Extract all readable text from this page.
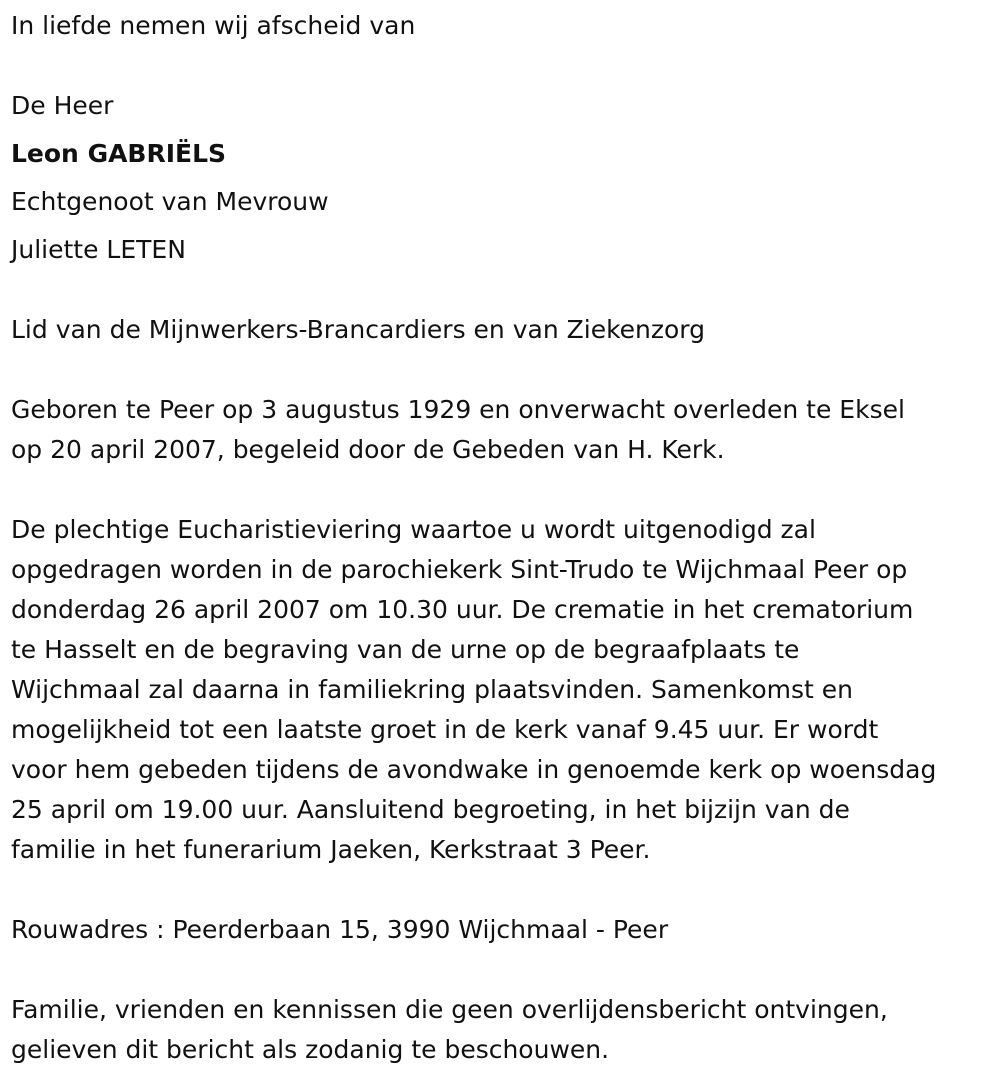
In liefde nemen wij afscheid van

De Heer

Leon GABRIËLS

Echtgenoot van Mevrouw

Juliette LETEN

Lid van de Mijnwerkers-Brancardiers en van Ziekenzorg

Geboren te Peer op 3 augustus 1929 en onverwacht overleden te Eksel

op 20 april 2007, begeleid door de Gebeden van H. Kerk.

De plechtige Eucharistieviering waartoe u wordt uitgenodigd zal

opgedragen worden in de parochiekerk Sint-Trudo te Wijchmaal Peer op

donderdag 26 april 2007 om 10.30 uur. De crematie in het crematorium

te Hasselt en de begraving van de urne op de begraafplaats te

Wijchmaal zal daarna in familiekring plaatsvinden. Samenkomst en

mogelijkheid tot een laatste groet in de kerk vanaf 9.45 uur. Er wordt

voor hem gebeden tijdens de avondwake in genoemde kerk op woensdag

25 april om 19.00 uur. Aansluitend begroeting, in het bijzijn van de

familie in het funerarium Jaeken, Kerkstraat 3 Peer.

Rouwadres : Peerderbaan 15, 3990 Wijchmaal - Peer

Familie, vrienden en kennissen die geen overlijdensbericht ontvingen,

gelieven dit bericht als zodanig te beschouwen.
